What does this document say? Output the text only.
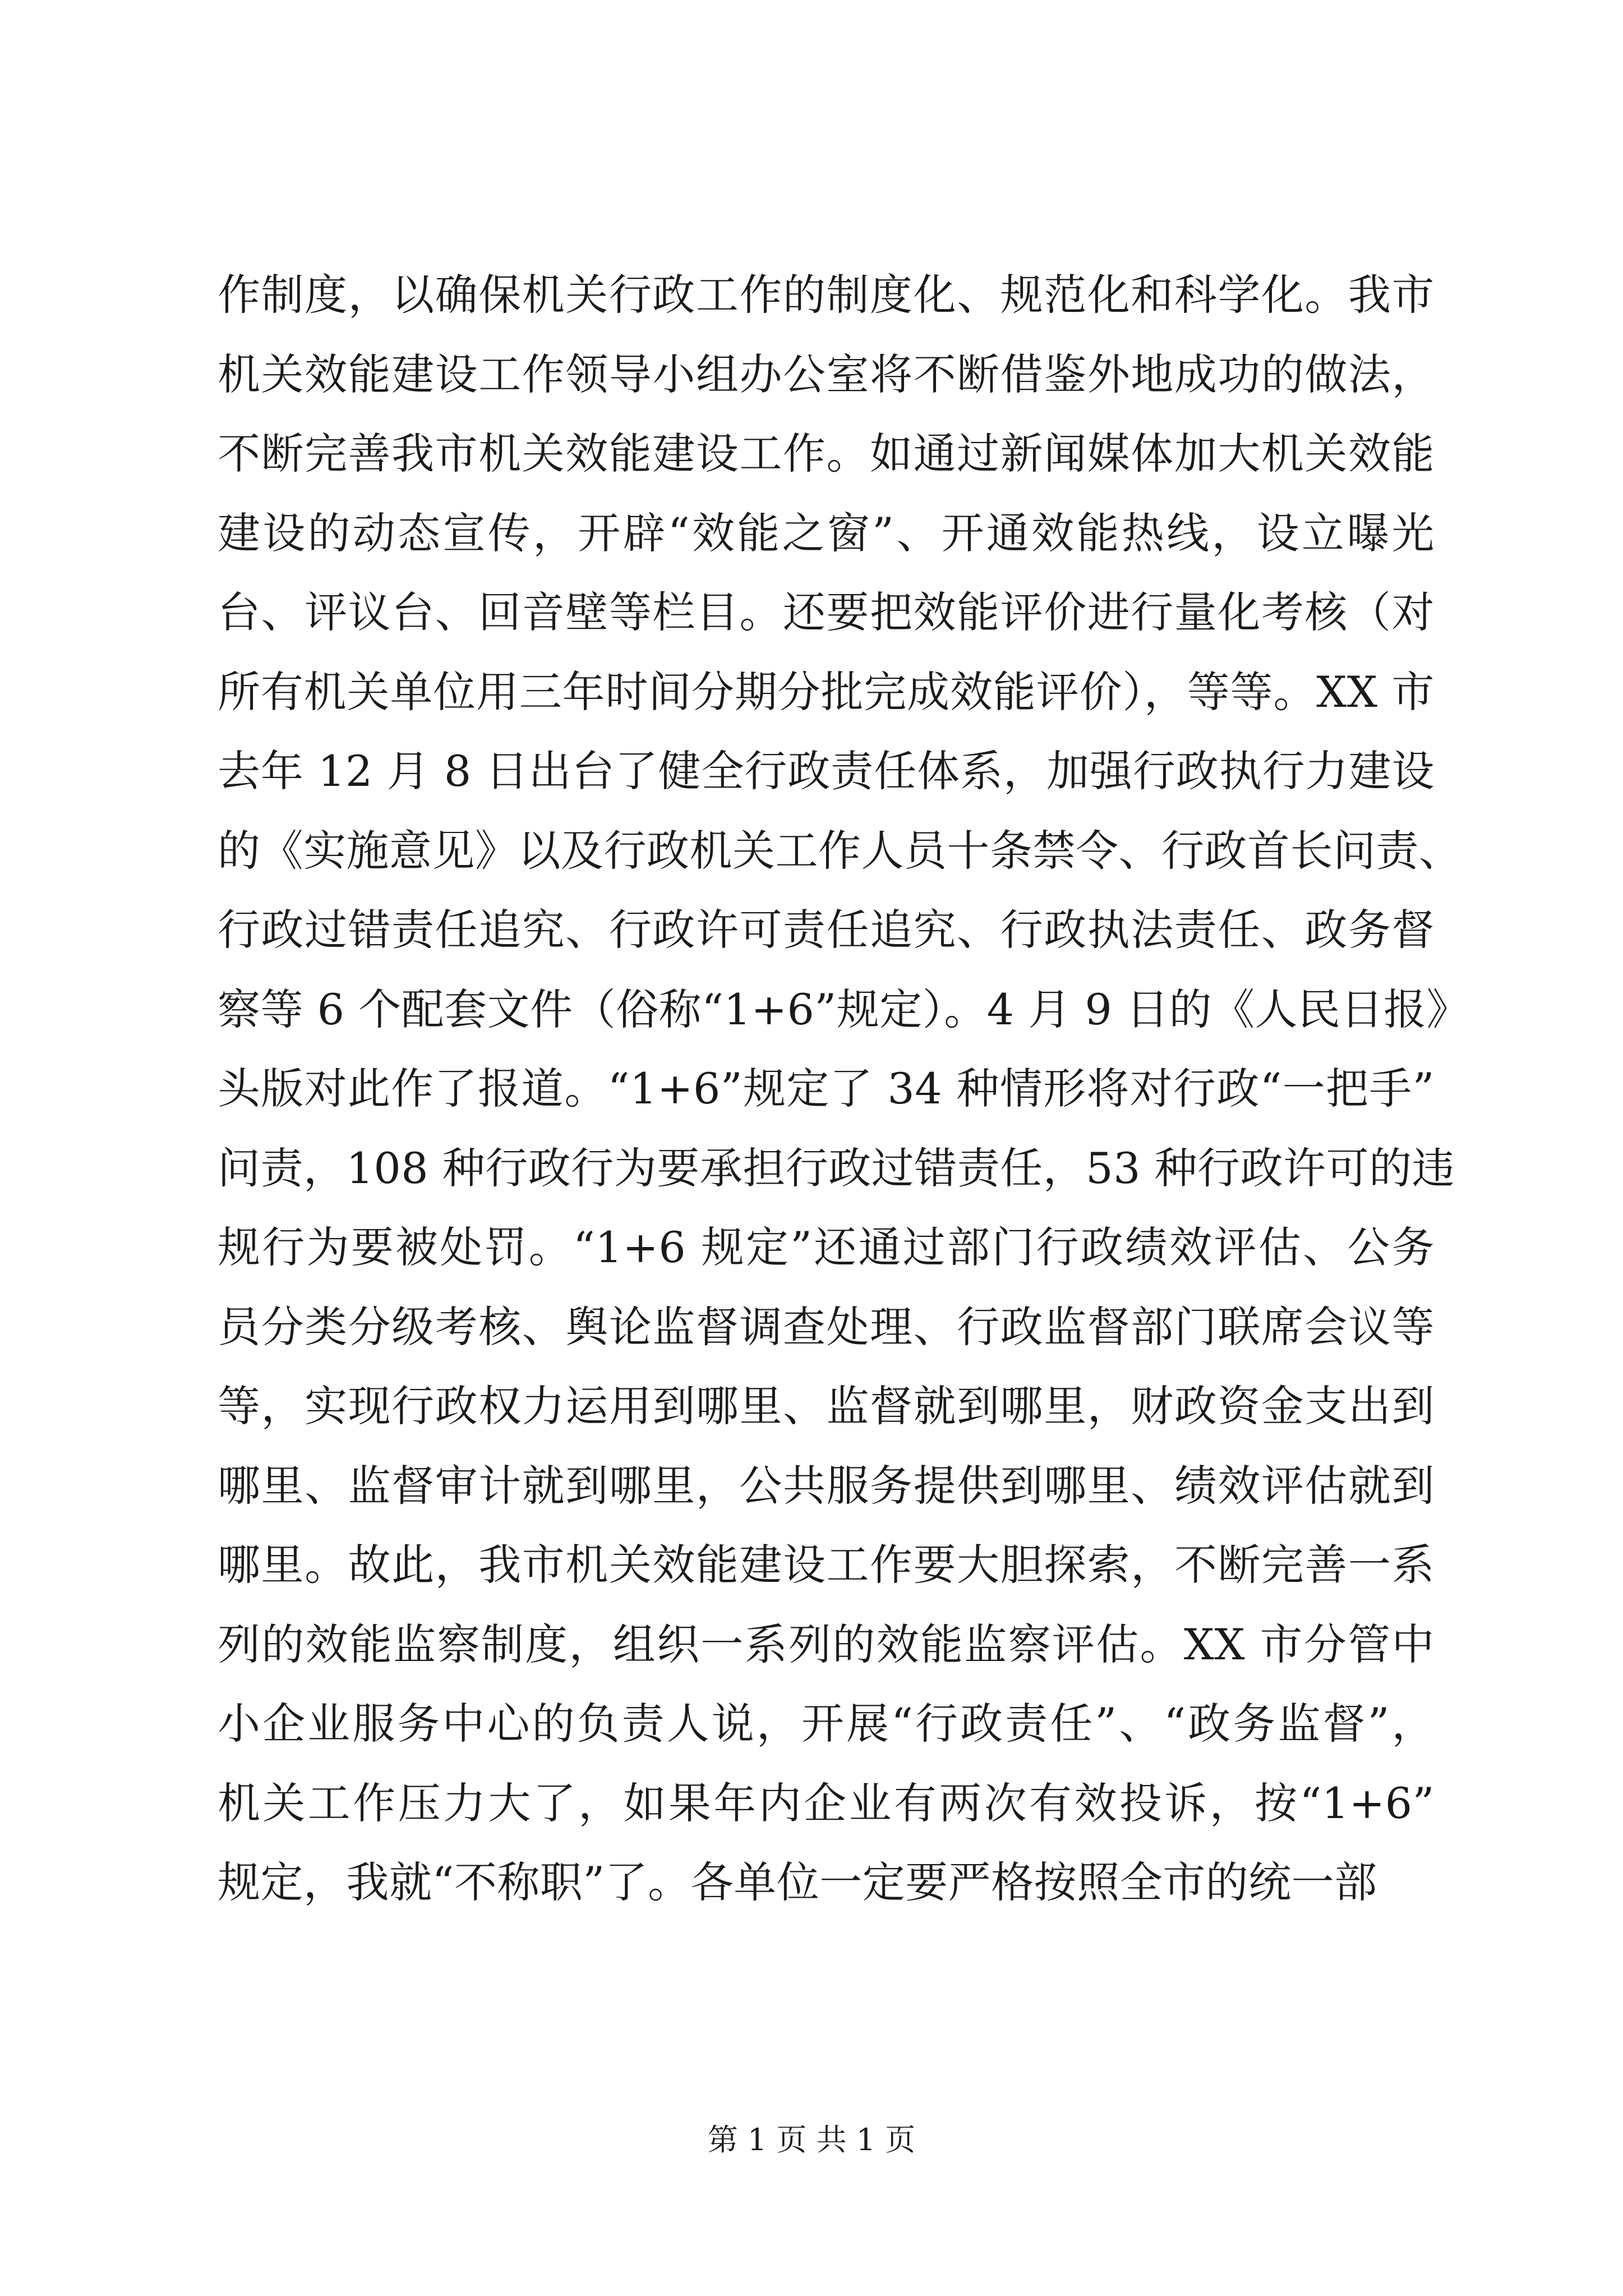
作制度，以确保机关行政工作的制度化、规范化和科学化。我市
机关效能建设工作领导小组办公室将不断借鉴外地成功的做法，
不断完善我市机关效能建设工作。如通过新闻媒体加大机关效能
建设的动态宣传，开辟“效能之窗”、开通效能热线，设立曝光
台、评议台、回音壁等栏目。还要把效能评价进行量化考核（对
所有机关单位用三年时间分期分批完成效能评价），等等。XX 市
去年 12 月 8 日出台了健全行政责任体系，加强行政执行力建设
的《实施意见》以及行政机关工作人员十条禁令、行政首长问责、
行政过错责任追究、行政许可责任追究、行政执法责任、政务督
察等 6 个配套文件（俗称“1+6”规定）。4 月 9 日的《人民日报》
头版对此作了报道。“1+6”规定了 34 种情形将对行政“一把手”
问责，108 种行政行为要承担行政过错责任，53 种行政许可的违
规行为要被处罚。“1+6 规定”还通过部门行政绩效评估、公务
员分类分级考核、舆论监督调查处理、行政监督部门联席会议等
等，实现行政权力运用到哪里、监督就到哪里，财政资金支出到
哪里、监督审计就到哪里，公共服务提供到哪里、绩效评估就到
哪里。故此，我市机关效能建设工作要大胆探索，不断完善一系
列的效能监察制度，组织一系列的效能监察评估。XX 市分管中
小企业服务中心的负责人说，开展“行政责任”、“政务监督”，
机关工作压力大了，如果年内企业有两次有效投诉，按“1+6”
规定，我就“不称职”了。各单位一定要严格按照全市的统一部
第 1 页 共 1 页
